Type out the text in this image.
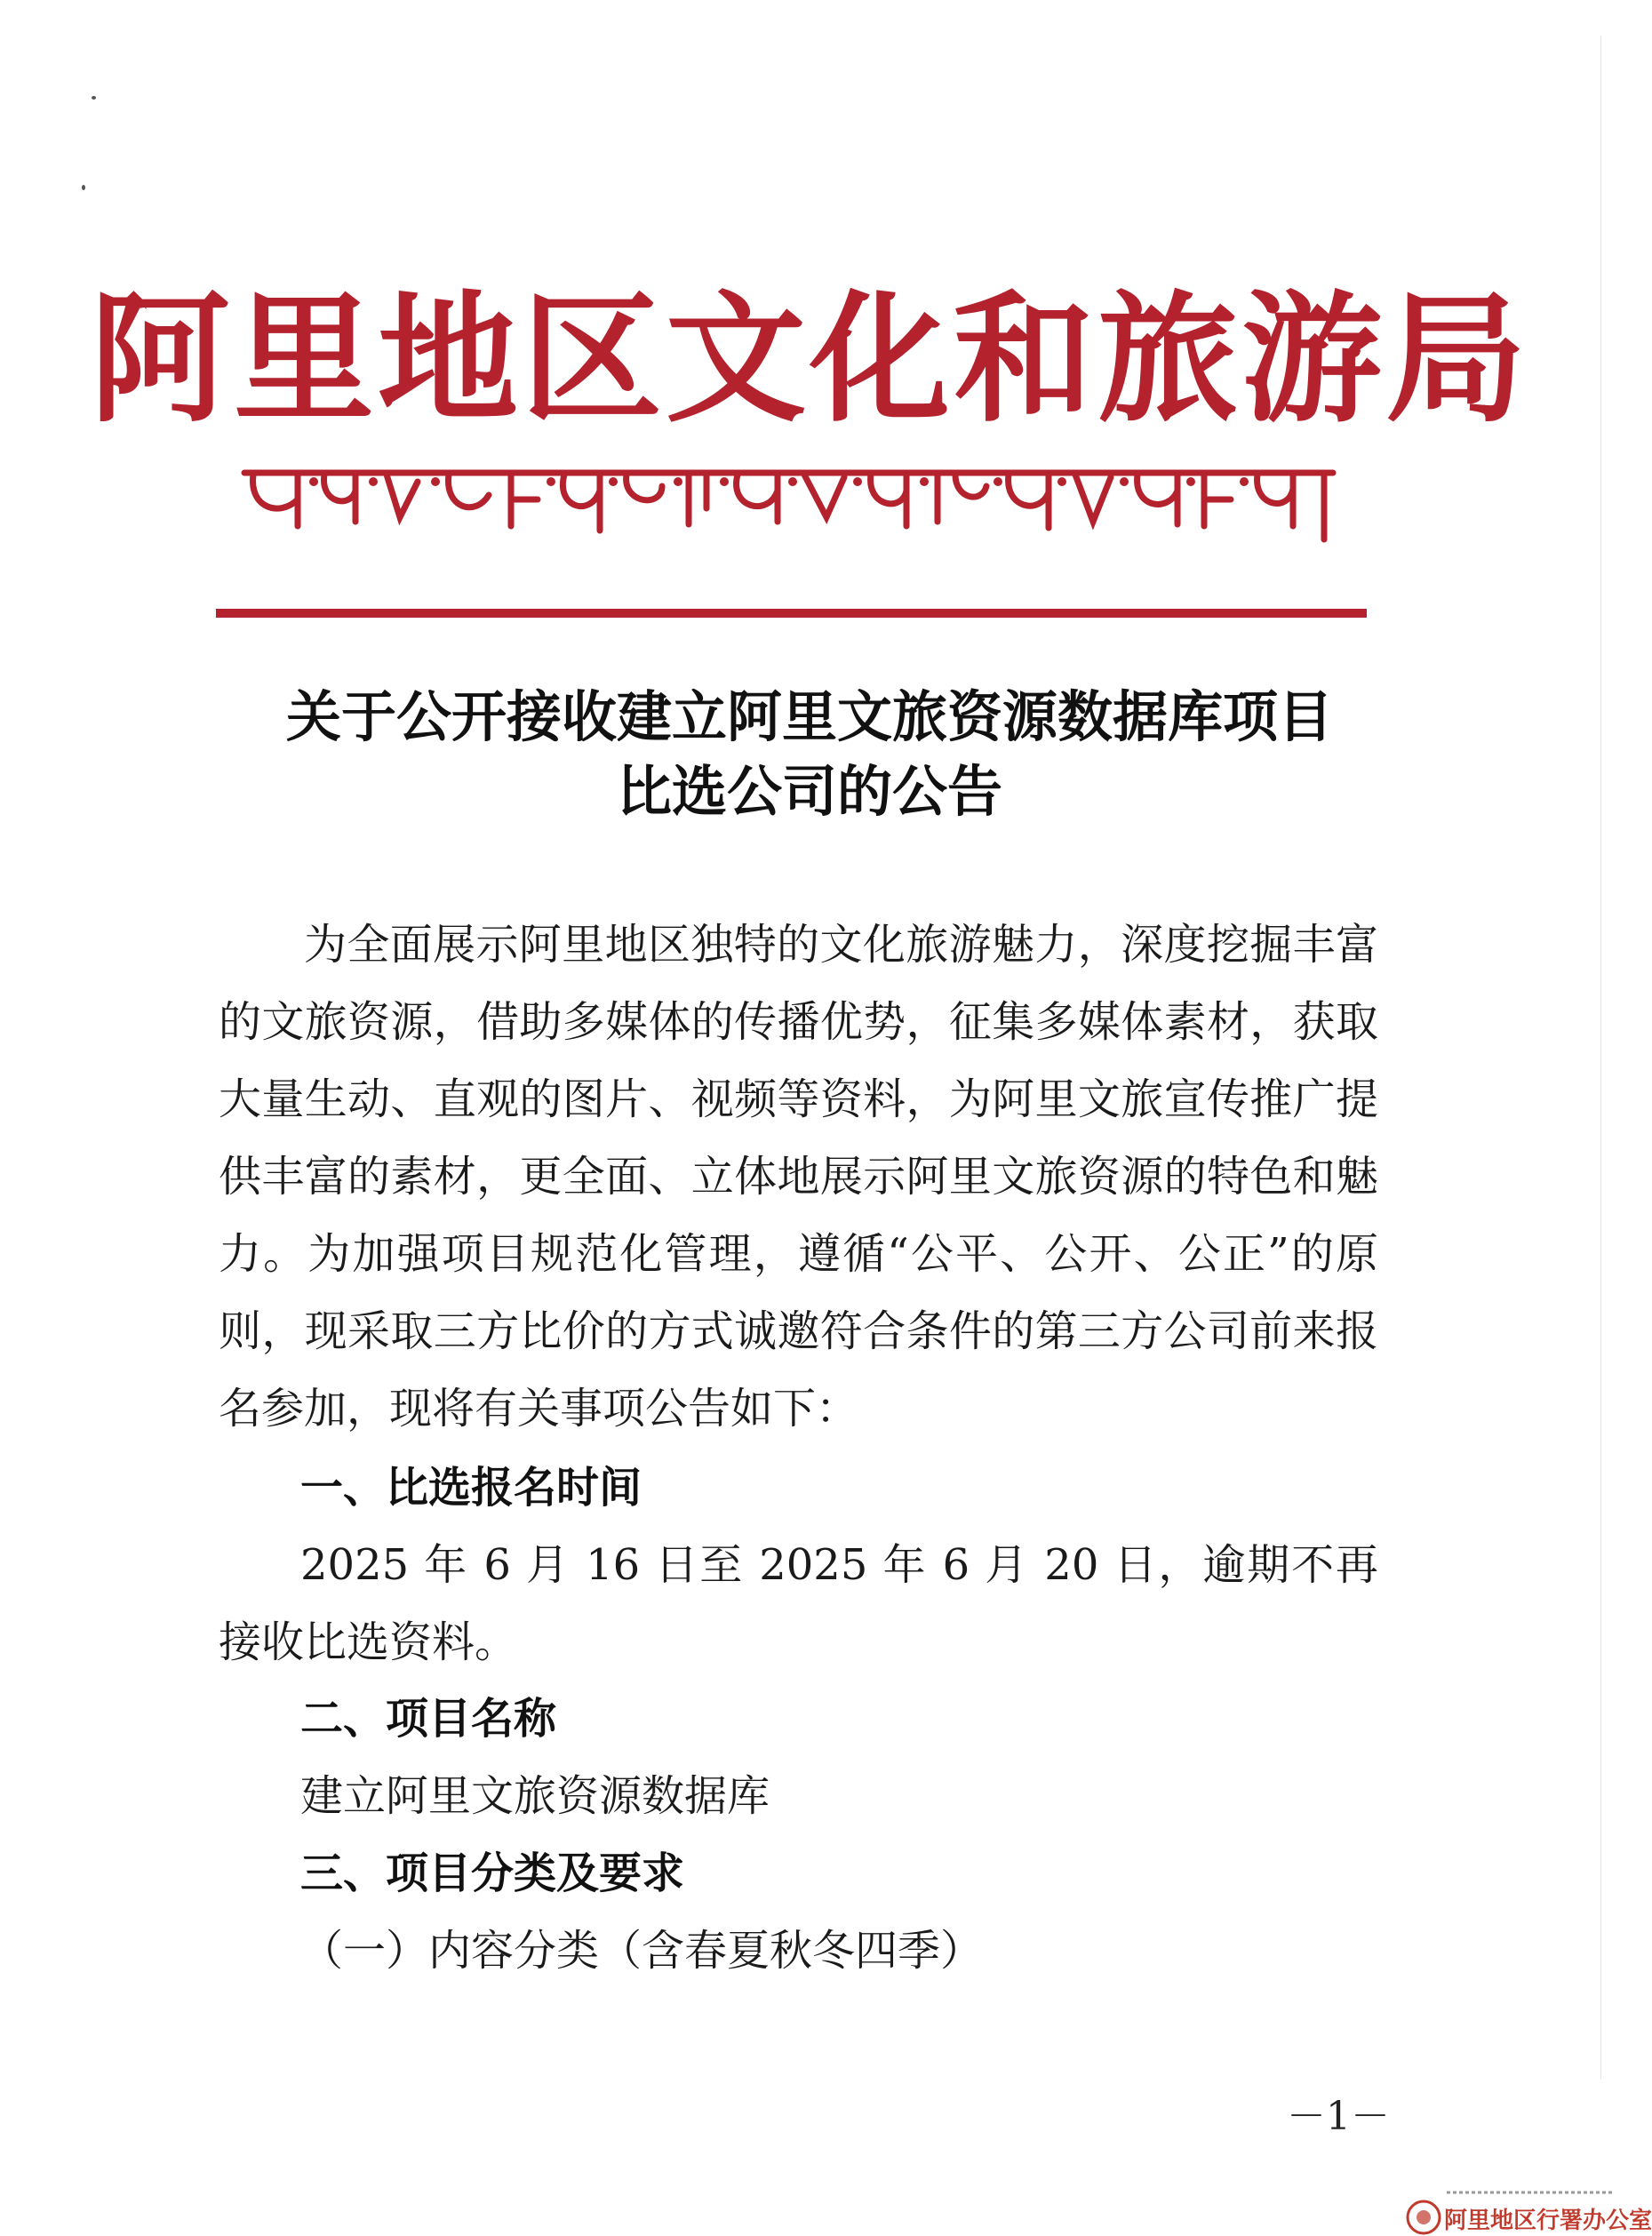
阿里地区文化和旅游局
关于公开接收建立阿里文旅资源数据库项目
比选公司的公告
为全面展示阿里地区独特的文化旅游魅力，深度挖掘丰富的文旅资源，借助多媒体的传播优势，征集多媒体素材，获取大量生动、直观的图片、视频等资料，为阿里文旅宣传推广提供丰富的素材，更全面、立体地展示阿里文旅资源的特色和魅力。为加强项目规范化管理，遵循“公平、公开、公正”的原则，现采取三方比价的方式诚邀符合条件的第三方公司前来报名参加，现将有关事项公告如下：
一、比选报名时间
2025 年 6 月 16 日至 2025 年 6 月 20 日，逾期不再接收比选资料。
二、项目名称
建立阿里文旅资源数据库
三、项目分类及要求
（一）内容分类（含春夏秋冬四季）
－1－
阿里地区行署办公室
